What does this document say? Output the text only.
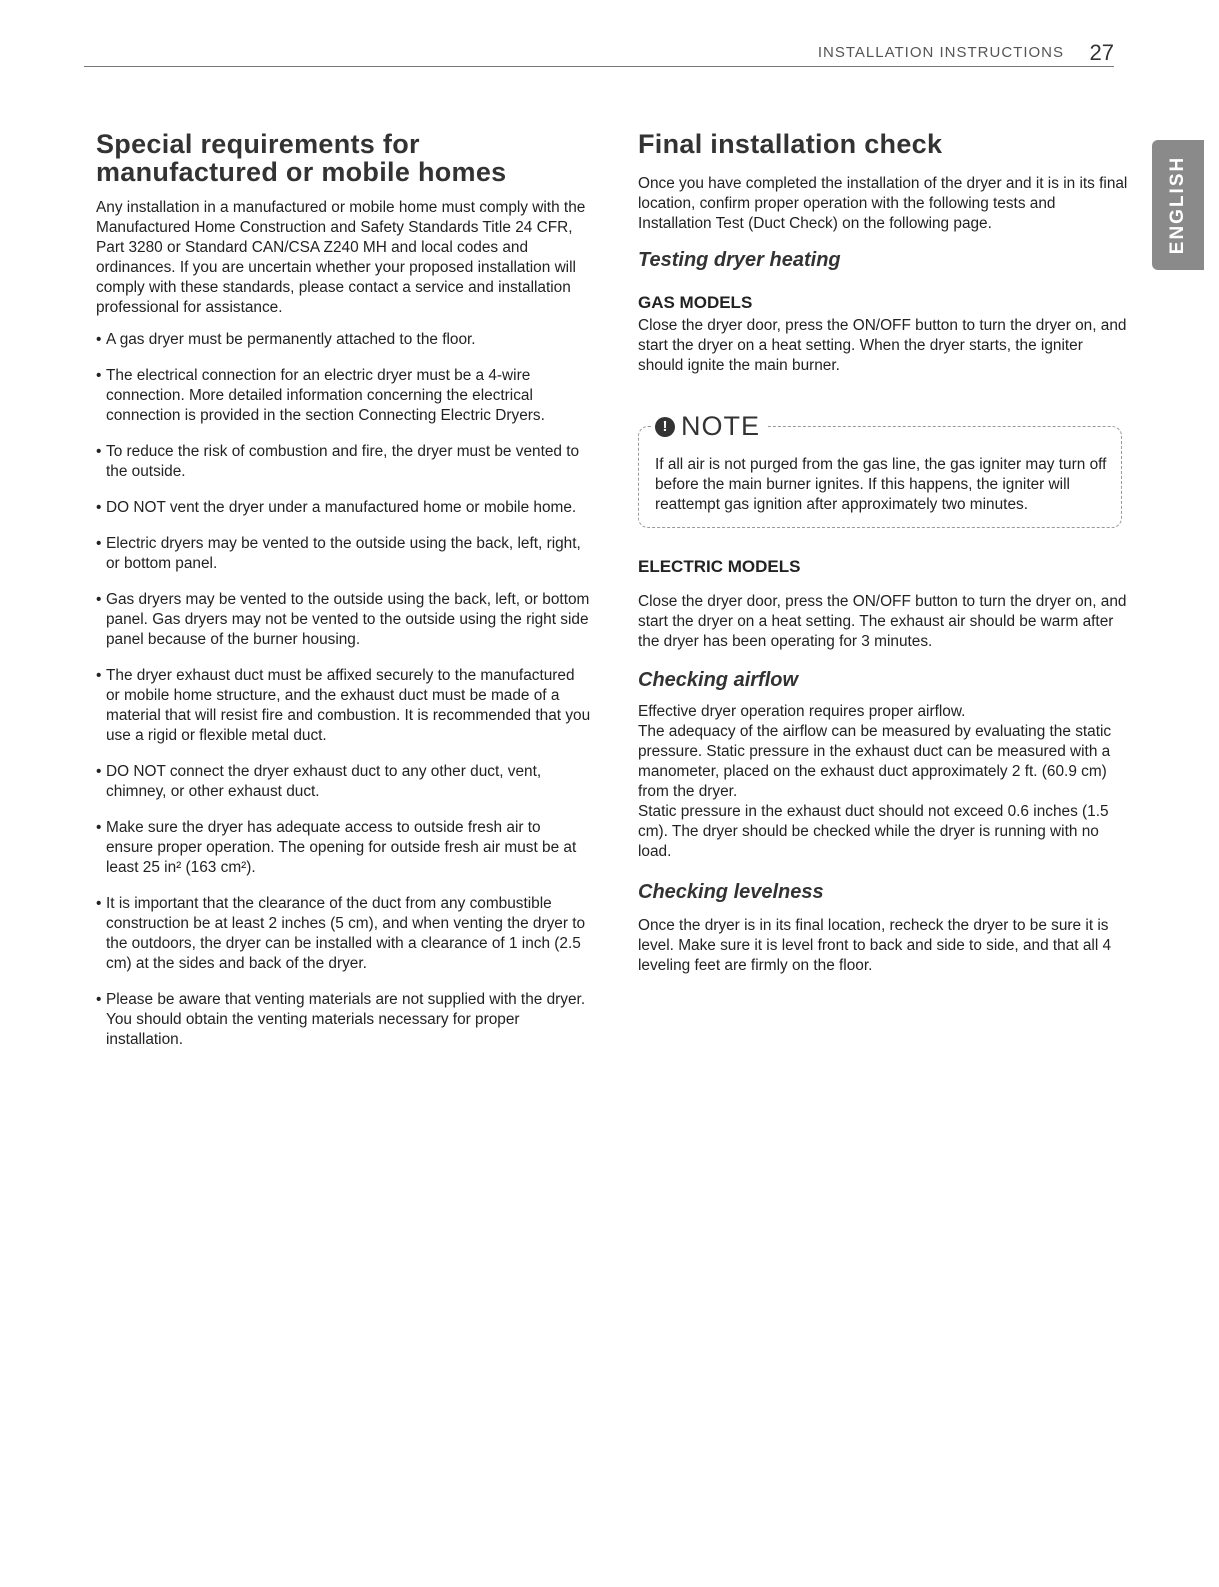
INSTALLATION INSTRUCTIONS 27
ENGLISH
Special requirements for
manufactured or mobile homes

Any installation in a manufactured or mobile home must comply with the Manufactured Home Construction and Safety Standards Title 24 CFR, Part 3280 or Standard CAN/CSA Z240 MH and local codes and ordinances. If you are uncertain whether your proposed installation will comply with these standards, please contact a service and installation professional for assistance.

• A gas dryer must be permanently attached to the floor.
• The electrical connection for an electric dryer must be a 4-wire connection. More detailed information concerning the electrical connection is provided in the section Connecting Electric Dryers.
• To reduce the risk of combustion and fire, the dryer must be vented to the outside.
• DO NOT vent the dryer under a manufactured home or mobile home.
• Electric dryers may be vented to the outside using the back, left, right, or bottom panel.
• Gas dryers may be vented to the outside using the back, left, or bottom panel. Gas dryers may not be vented to the outside using the right side panel because of the burner housing.
• The dryer exhaust duct must be affixed securely to the manufactured or mobile home structure, and the exhaust duct must be made of a material that will resist fire and combustion. It is recommended that you use a rigid or flexible metal duct.
• DO NOT connect the dryer exhaust duct to any other duct, vent, chimney, or other exhaust duct.
• Make sure the dryer has adequate access to outside fresh air to ensure proper operation. The opening for outside fresh air must be at least 25 in² (163 cm²).
• It is important that the clearance of the duct from any combustible construction be at least 2 inches (5 cm), and when venting the dryer to the outdoors, the dryer can be installed with a clearance of 1 inch (2.5 cm) at the sides and back of the dryer.
• Please be aware that venting materials are not supplied with the dryer. You should obtain the venting materials necessary for proper installation.
Final installation check

Once you have completed the installation of the dryer and it is in its final location, confirm proper operation with the following tests and Installation Test (Duct Check) on the following page.

Testing dryer heating
GAS MODELS

Close the dryer door, press the ON/OFF button to turn the dryer on, and start the dryer on a heat setting. When the dryer starts, the igniter should ignite the main burner.

! NOTE

If all air is not purged from the gas line, the gas igniter may turn off before the main burner ignites. If this happens, the igniter will reattempt gas ignition after approximately two minutes.

ELECTRIC MODELS

Close the dryer door, press the ON/OFF button to turn the dryer on, and start the dryer on a heat setting. The exhaust air should be warm after the dryer has been operating for 3 minutes.

Checking airflow
Effective dryer operation requires proper airflow.
The adequacy of the airflow can be measured by evaluating the static pressure. Static pressure in the exhaust duct can be measured with a manometer, placed on the exhaust duct approximately 2 ft. (60.9 cm) from the dryer.
Static pressure in the exhaust duct should not exceed 0.6 inches (1.5 cm). The dryer should be checked while the dryer is running with no load.
Checking levelness

Once the dryer is in its final location, recheck the dryer to be sure it is level. Make sure it is level front to back and side to side, and that all 4 leveling feet are firmly on the floor.
